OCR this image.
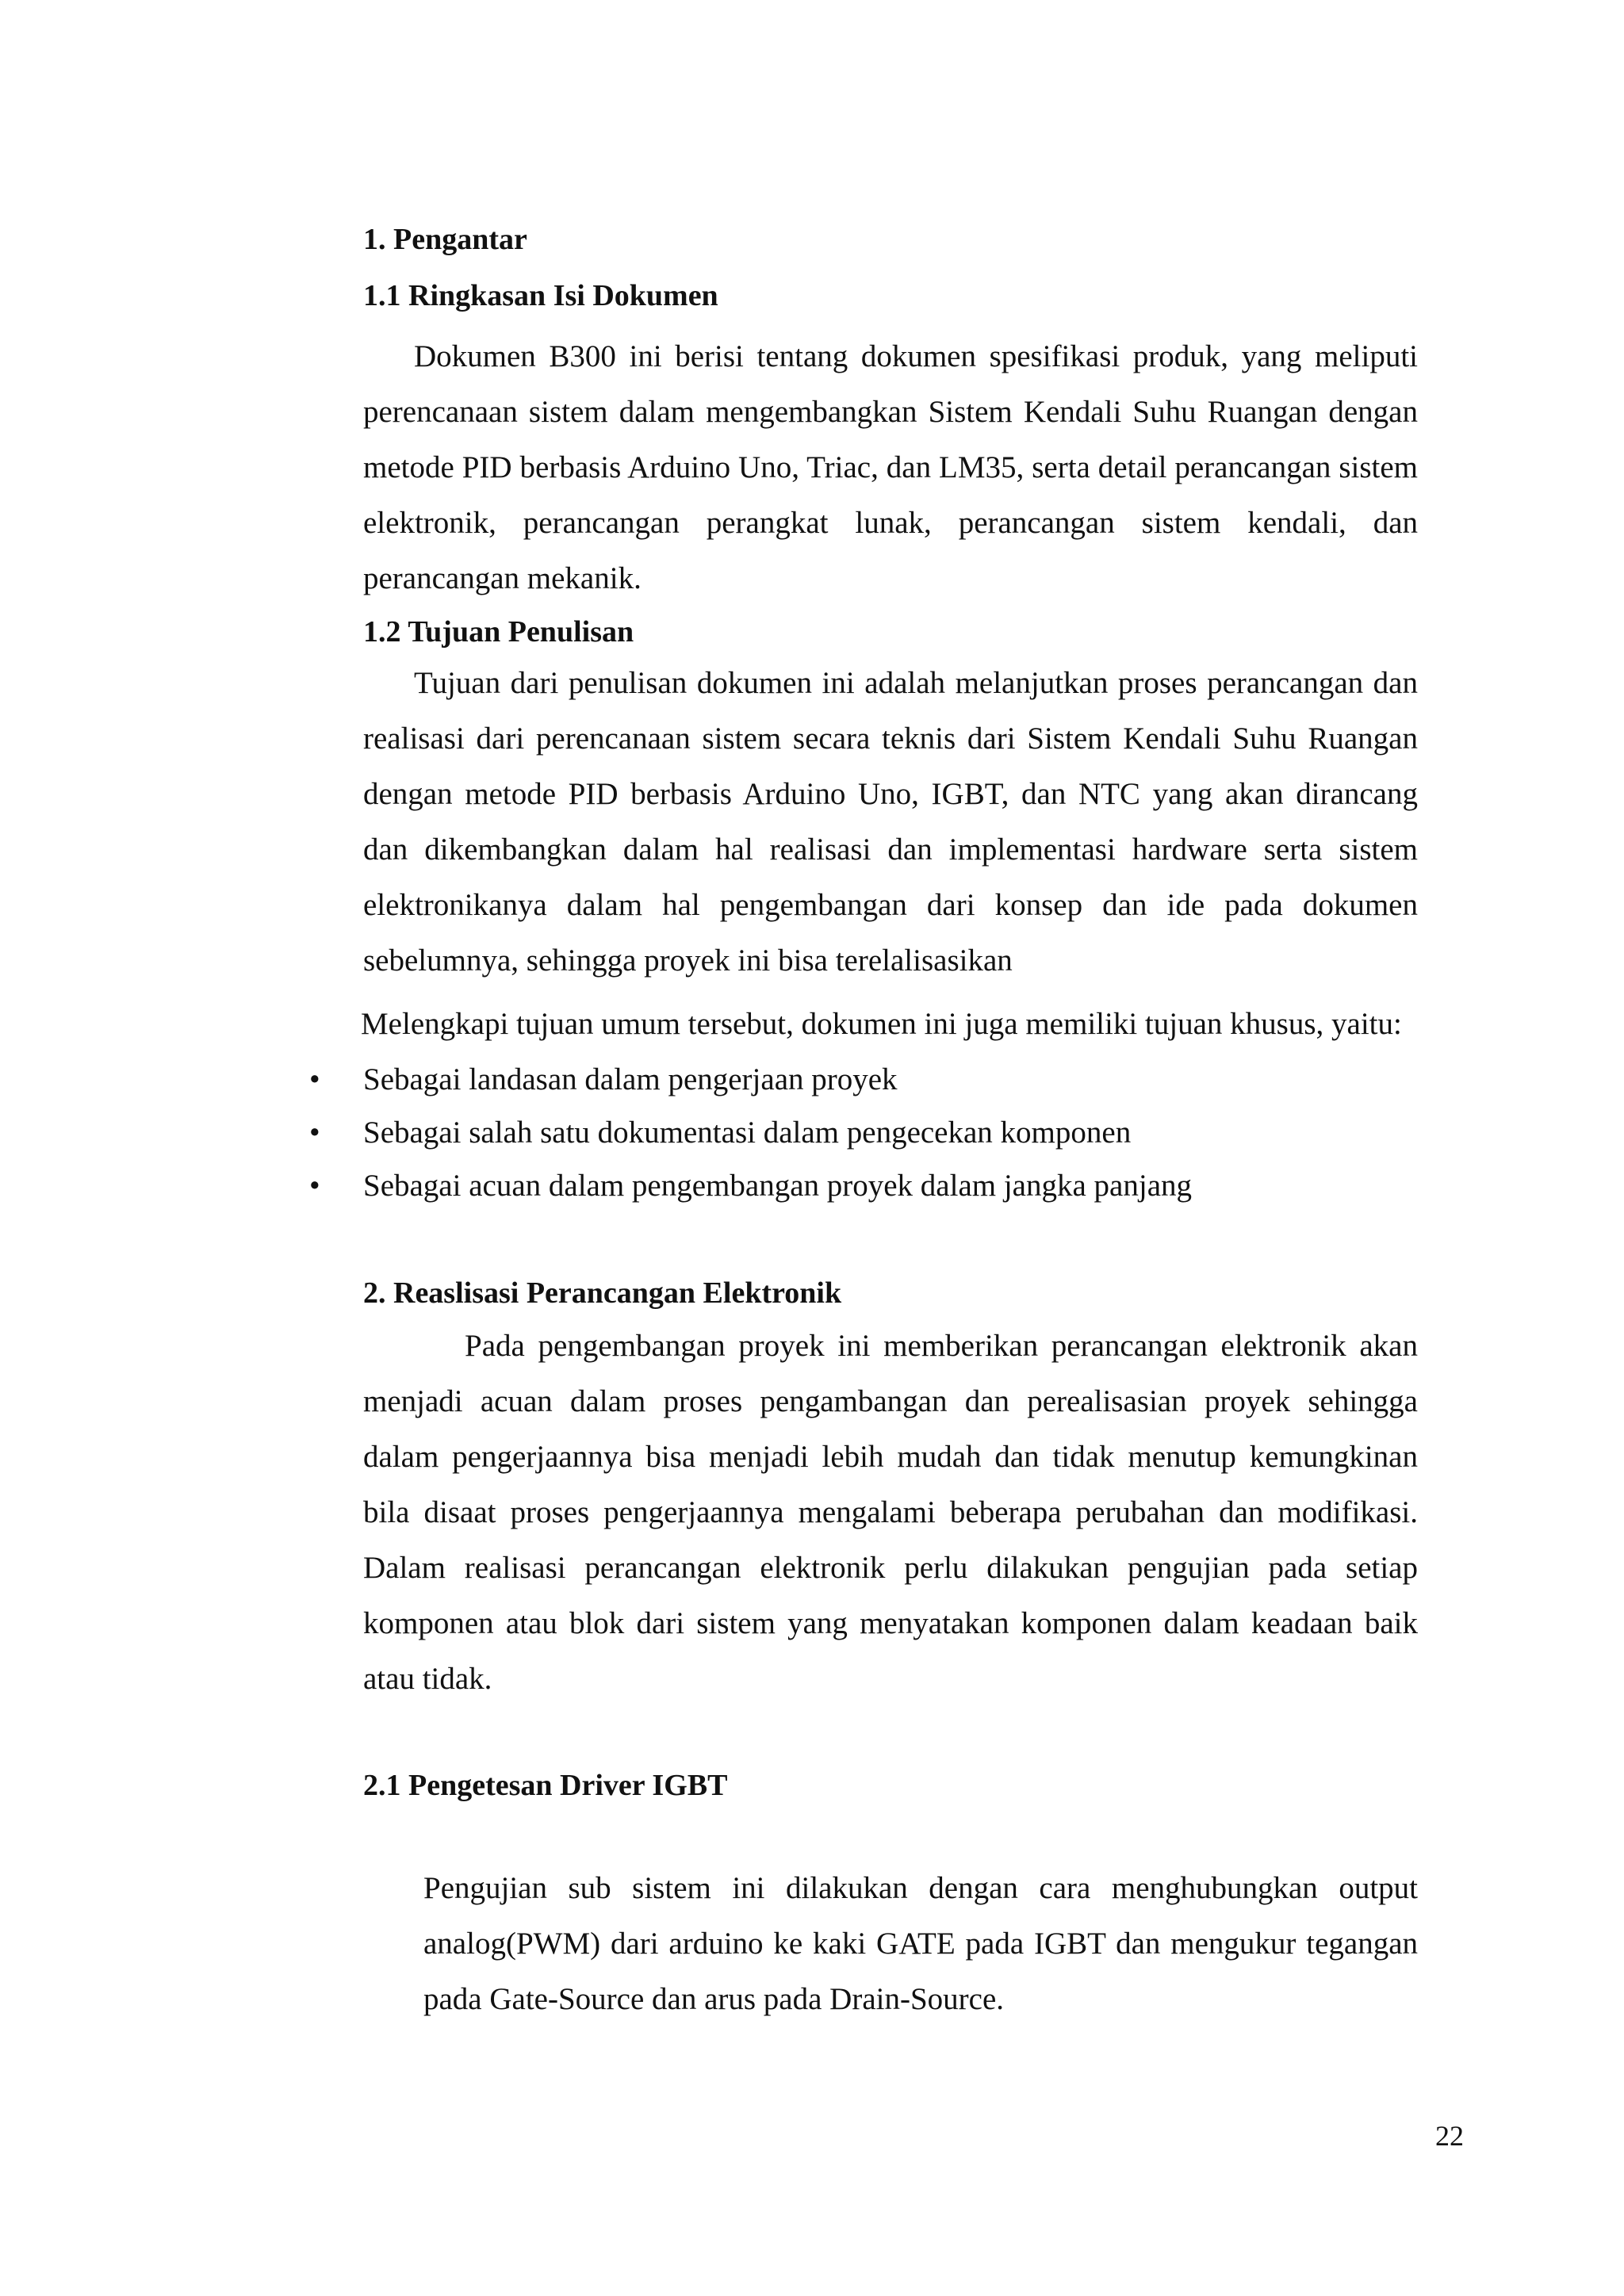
1. Pengantar
1.1 Ringkasan Isi Dokumen

Dokumen B300 ini berisi tentang dokumen spesifikasi produk, yang meliputi perencanaan sistem dalam mengembangkan Sistem Kendali Suhu Ruangan dengan metode PID berbasis Arduino Uno, Triac, dan LM35, serta detail perancangan sistem elektronik, perancangan perangkat lunak, perancangan sistem kendali, dan perancangan mekanik.

1.2 Tujuan Penulisan

Tujuan dari penulisan dokumen ini adalah melanjutkan proses perancangan dan realisasi dari perencanaan sistem secara teknis dari Sistem Kendali Suhu Ruangan dengan metode PID berbasis Arduino Uno, IGBT, dan NTC yang akan dirancang dan dikembangkan dalam hal realisasi dan implementasi hardware serta sistem elektronikanya dalam hal pengembangan dari konsep dan ide pada dokumen sebelumnya, sehingga proyek ini bisa terelalisasikan

Melengkapi tujuan umum tersebut, dokumen ini juga memiliki tujuan khusus, yaitu:
• Sebagai landasan dalam pengerjaan proyek
• Sebagai salah satu dokumentasi dalam pengecekan komponen
• Sebagai acuan dalam pengembangan proyek dalam jangka panjang
2. Reaslisasi Perancangan Elektronik

Pada pengembangan proyek ini memberikan perancangan elektronik akan menjadi acuan dalam proses pengambangan dan perealisasian proyek sehingga dalam pengerjaannya bisa menjadi lebih mudah dan tidak menutup kemungkinan bila disaat proses pengerjaannya mengalami beberapa perubahan dan modifikasi. Dalam realisasi perancangan elektronik perlu dilakukan pengujian pada setiap komponen atau blok dari sistem yang menyatakan komponen dalam keadaan baik atau tidak.

2.1 Pengetesan Driver IGBT

Pengujian sub sistem ini dilakukan dengan cara menghubungkan output analog(PWM) dari arduino ke kaki GATE pada IGBT dan mengukur tegangan pada Gate-Source dan arus pada Drain-Source.

22
